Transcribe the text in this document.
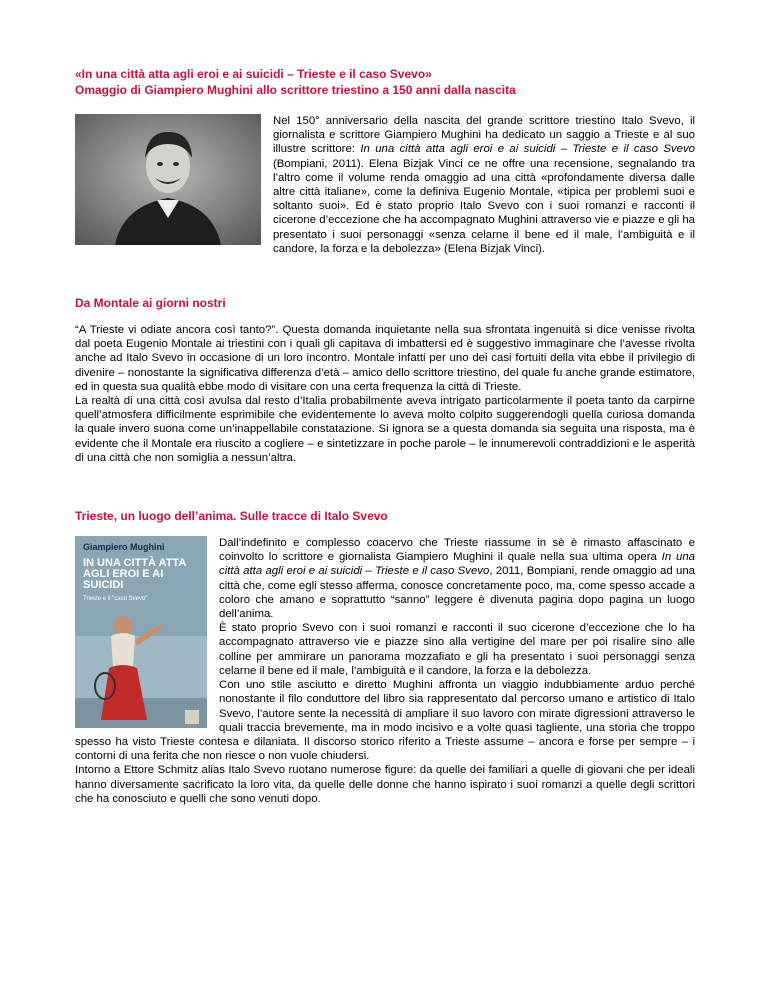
«In una città atta agli eroi e ai suicidi – Trieste e il caso Svevo»
Omaggio di Giampiero Mughini allo scrittore triestino a 150 anni dalla nascita

Nel 150° anniversario della nascita del grande scrittore triestino Italo Svevo, il giornalista e scrittore Giampiero Mughini ha dedicato un saggio a Trieste e al suo illustre scrittore: In una città atta agli eroi e ai suicidi – Trieste e il caso Svevo (Bompiani, 2011). Elena Bizjak Vinci ce ne offre una recensione, segnalando tra l’altro come il volume renda omaggio ad una città «profondamente diversa dalle altre città italiane», come la definiva Eugenio Montale, «tipica per problemi suoi e soltanto suoi». Ed è stato proprio Italo Svevo con i suoi romanzi e racconti il cicerone d’eccezione che ha accompagnato Mughini attraverso vie e piazze e gli ha presentato i suoi personaggi «senza celarne il bene ed il male, l’ambiguità e il candore, la forza e la debolezza» (Elena Bizjak Vinci).

Da Montale ai giorni nostri

“A Trieste vi odiate ancora così tanto?”. Questa domanda inquietante nella sua sfrontata ingenuità si dice venisse rivolta dal poeta Eugenio Montale ai triestini con i quali gli capitava di imbattersi ed è suggestivo immaginare che l’avesse rivolta anche ad Italo Svevo in occasione di un loro incontro. Montale infatti per uno dei casi fortuiti della vita ebbe il privilegio di divenire – nonostante la significativa differenza d’età – amico dello scrittore triestino, del quale fu anche grande estimatore, ed in questa sua qualità ebbe modo di visitare con una certa frequenza la città di Trieste.

La realtà di una città così avulsa dal resto d’Italia probabilmente aveva intrigato particolarmente il poeta tanto da carpirne quell’atmosfera difficilmente esprimibile che evidentemente lo aveva molto colpito suggerendogli quella curiosa domanda la quale invero suona come un’inappellabile constatazione. Si ignora se a questa domanda sia seguita una risposta, ma è evidente che il Montale era riuscito a cogliere – e sintetizzare in poche parole – le innumerevoli contraddizioni e le asperità di una città che non somiglia a nessun’altra.

Trieste, un luogo dell’anima. Sulle tracce di Italo Svevo
Giampiero Mughini
IN UNA CITTÀ ATTA AGLI EROI E AI SUICIDI
Trieste e il "caso Svevo"

Dall’indefinito e complesso coacervo che Trieste riassume in sè è rimasto affascinato e coinvolto lo scrittore e giornalista Giampiero Mughini il quale nella sua ultima opera In una città atta agli eroi e ai suicidi – Trieste e il caso Svevo, 2011, Bompiani, rende omaggio ad una città che, come egli stesso afferma, conosce concretamente poco, ma, come spesso accade a coloro che amano e soprattutto “sanno” leggere è divenuta pagina dopo pagina un luogo dell’anima.

È stato proprio Svevo con i suoi romanzi e racconti il suo cicerone d’eccezione che lo ha accompagnato attraverso vie e piazze sino alla vertigine del mare per poi risalire sino alle colline per ammirare un panorama mozzafiato e gli ha presentato i suoi personaggi senza celarne il bene ed il male, l’ambiguità e il candore, la forza e la debolezza.

Con uno stile asciutto e diretto Mughini affronta un viaggio indubbiamente arduo perché nonostante il filo conduttore del libro sia rappresentato dal percorso umano e artistico di Italo Svevo, l’autore sente la necessità di ampliare il suo lavoro con mirate digressioni attraverso le quali traccia brevemente, ma in modo incisivo e a volte quasi tagliente, una storia che troppo spesso ha visto Trieste contesa e dilaniata. Il discorso storico riferito a Trieste assume – ancora e forse per sempre – i contorni di una ferita che non riesce o non vuole chiudersi.

Intorno a Ettore Schmitz alias Italo Svevo ruotano numerose figure: da quelle dei familiari a quelle di giovani che per ideali hanno diversamente sacrificato la loro vita, da quelle delle donne che hanno ispirato i suoi romanzi a quelle degli scrittori che ha conosciuto e quelli che sono venuti dopo.
